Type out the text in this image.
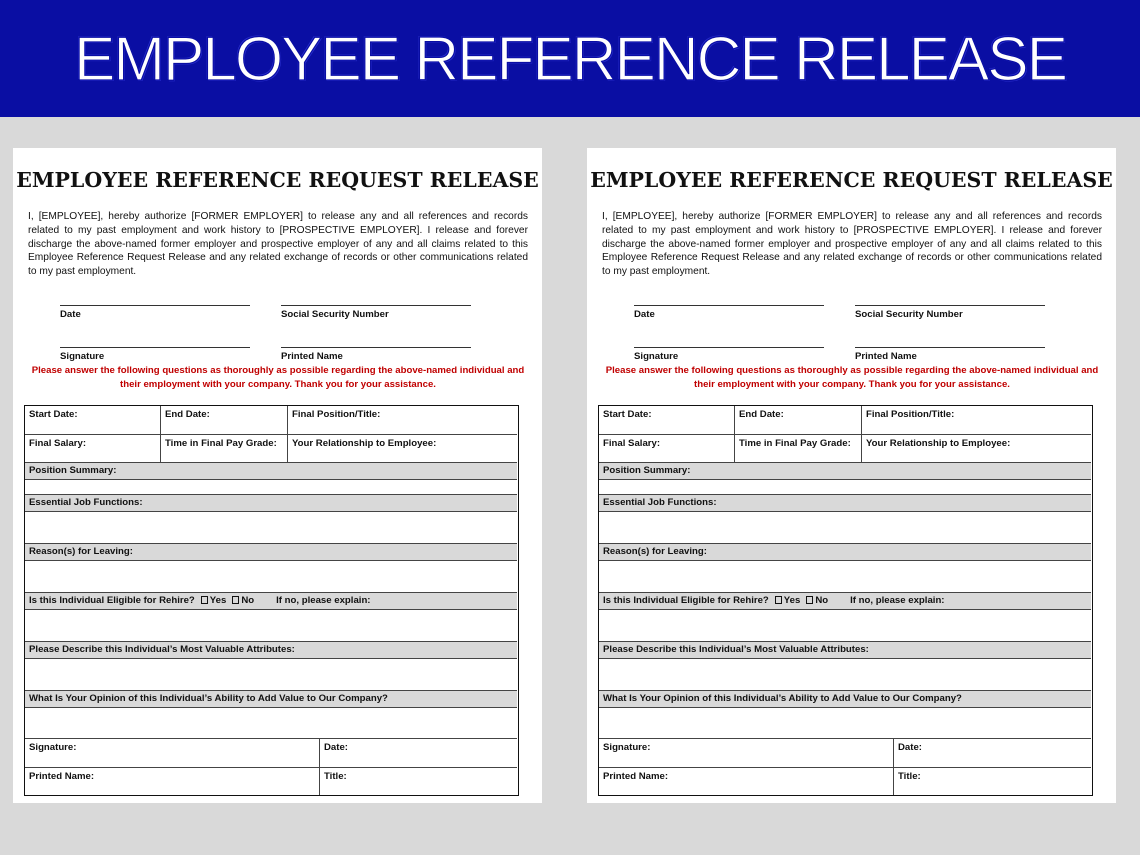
EMPLOYEE REFERENCE RELEASE
EMPLOYEE REFERENCE REQUEST RELEASE
I, [EMPLOYEE], hereby authorize [FORMER EMPLOYER] to release any and all references and records related to my past employment and work history to [PROSPECTIVE EMPLOYER]. I release and forever discharge the above-named former employer and prospective employer of any and all claims related to this Employee Reference Request Release and any related exchange of records or other communications related to my past employment.
Date	Social Security Number
Signature	Printed Name
Please answer the following questions as thoroughly as possible regarding the above-named individual and their employment with your company. Thank you for your assistance.
Start Date:	End Date:	Final Position/Title:
Final Salary:	Time in Final Pay Grade:	Your Relationship to Employee:
Position Summary:
Essential Job Functions:
Reason(s) for Leaving:
Is this Individual Eligible for Rehire? Yes No If no, please explain:
Please Describe this Individual’s Most Valuable Attributes:
What Is Your Opinion of this Individual’s Ability to Add Value to Our Company?
Signature:	Date:
Printed Name:	Title:
EMPLOYEE REFERENCE REQUEST RELEASE
I, [EMPLOYEE], hereby authorize [FORMER EMPLOYER] to release any and all references and records related to my past employment and work history to [PROSPECTIVE EMPLOYER]. I release and forever discharge the above-named former employer and prospective employer of any and all claims related to this Employee Reference Request Release and any related exchange of records or other communications related to my past employment.
Date	Social Security Number
Signature	Printed Name
Please answer the following questions as thoroughly as possible regarding the above-named individual and their employment with your company. Thank you for your assistance.
Start Date:	End Date:	Final Position/Title:
Final Salary:	Time in Final Pay Grade:	Your Relationship to Employee:
Position Summary:
Essential Job Functions:
Reason(s) for Leaving:
Is this Individual Eligible for Rehire? Yes No If no, please explain:
Please Describe this Individual’s Most Valuable Attributes:
What Is Your Opinion of this Individual’s Ability to Add Value to Our Company?
Signature:	Date:
Printed Name:	Title:
